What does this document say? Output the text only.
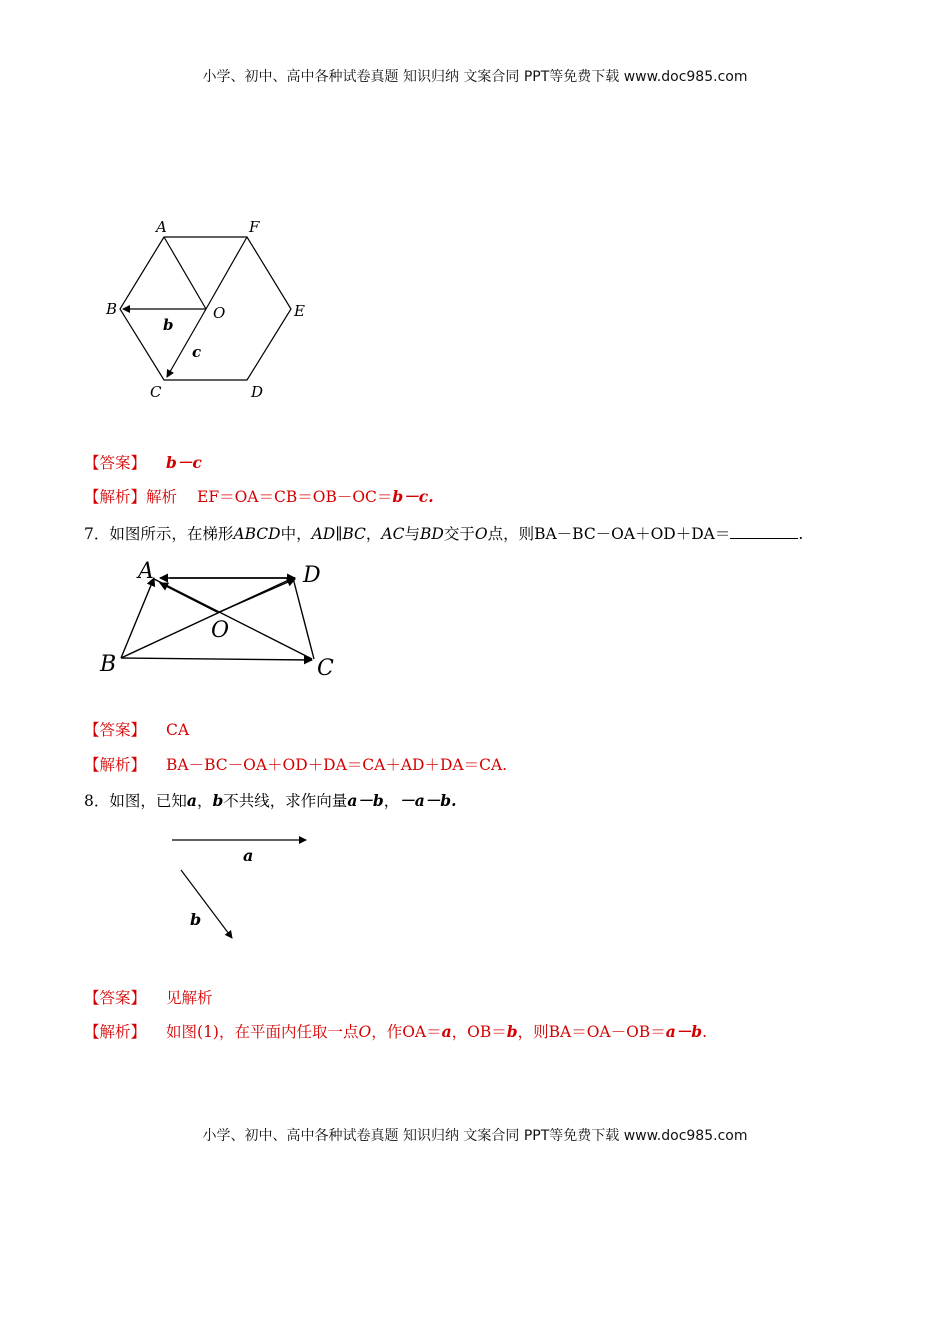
小学、初中、高中各种试卷真题 知识归纳 文案合同 PPT等免费下载 www.doc985.com
A	F
B	O	E
C	D
b
c
【答案】 b－c
【解析】解析 EF＝OA＝CB＝OB－OC＝b－c.
7．如图所示，在梯形ABCD中，AD∥BC，AC与BD交于O点，则BA－BC－OA＋OD＋DA＝	.
A	D
O
B	C
【答案】 CA
【解析】 BA－BC－OA＋OD＋DA＝CA＋AD＋DA＝CA.
8．如图，已知a，b不共线，求作向量a－b，－a－b.
a
b
【答案】 见解析
【解析】 如图(1)，在平面内任取一点O，作OA＝a，OB＝b，则BA＝OA－OB＝a－b.
小学、初中、高中各种试卷真题 知识归纳 文案合同 PPT等免费下载 www.doc985.com
